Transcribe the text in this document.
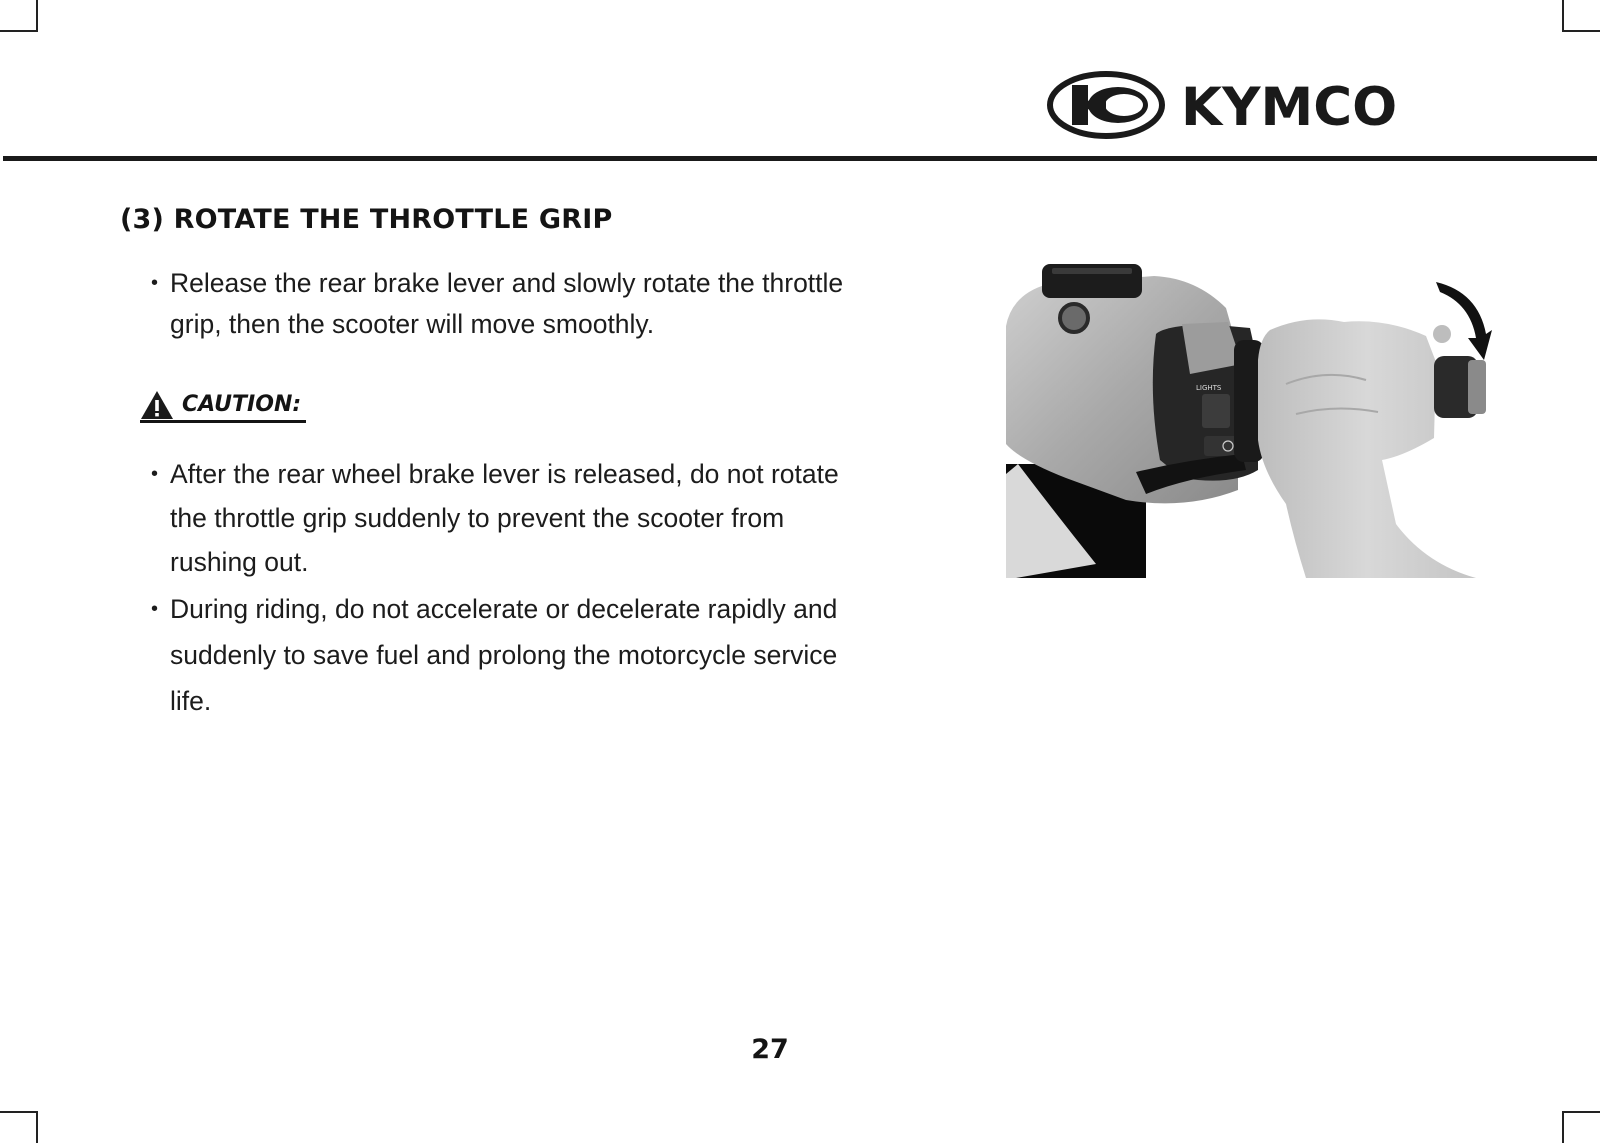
KYMCO
(3) ROTATE THE THROTTLE GRIP
• Release the rear brake lever and slowly rotate the throttle
grip, then the scooter will move smoothly.
CAUTION:
• After the rear wheel brake lever is released, do not rotate
the throttle grip suddenly to prevent the scooter from
rushing out.
• During riding, do not accelerate or decelerate rapidly and
suddenly to save fuel and prolong the motorcycle service
life.
LIGHTS
27
